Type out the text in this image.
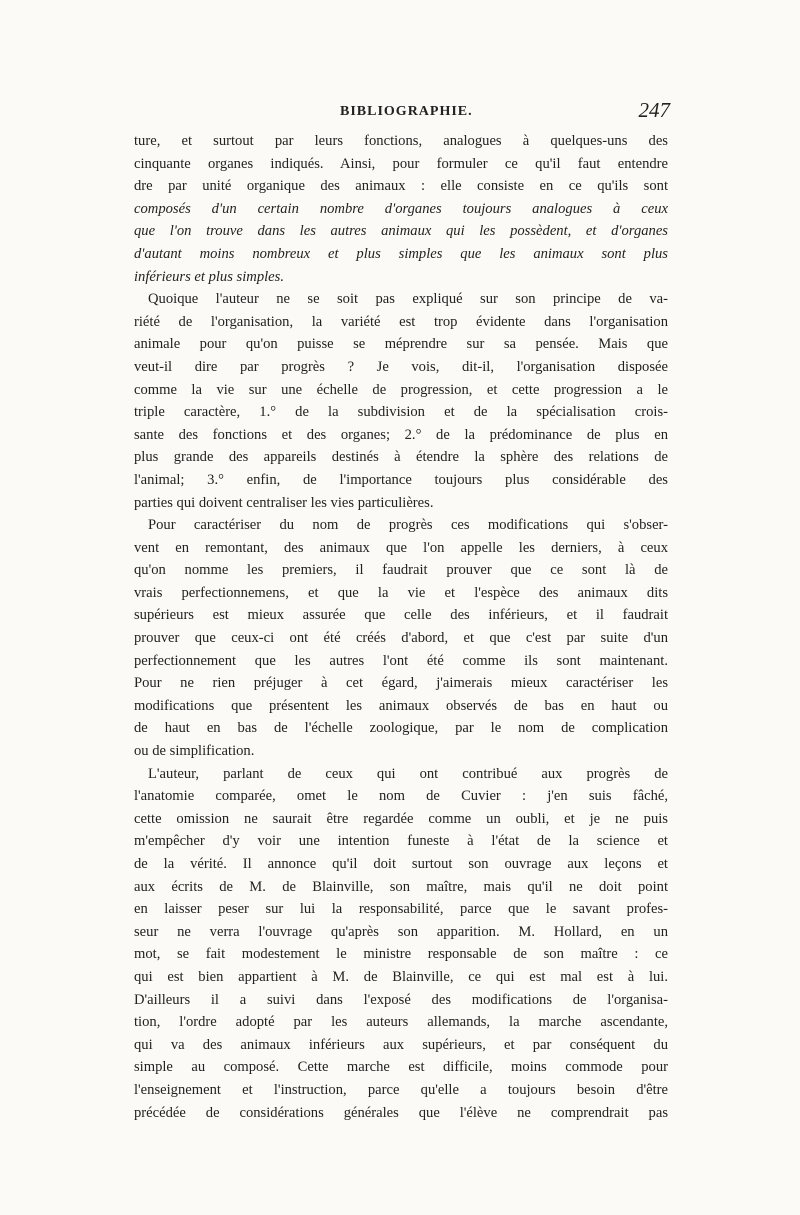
BIBLIOGRAPHIE.	247
ture, et surtout par leurs fonctions, analogues à quelques-uns des
cinquante organes indiqués. Ainsi, pour formuler ce qu'il faut entendre
dre par unité organique des animaux : elle consiste en ce qu'ils sont
composés d'un certain nombre d'organes toujours analogues à ceux
que l'on trouve dans les autres animaux qui les possèdent, et d'organes
d'autant moins nombreux et plus simples que les animaux sont plus
inférieurs et plus simples.
Quoique l'auteur ne se soit pas expliqué sur son principe de va-
riété de l'organisation, la variété est trop évidente dans l'organisation
animale pour qu'on puisse se méprendre sur sa pensée. Mais que
veut-il dire par progrès ? Je vois, dit-il, l'organisation disposée
comme la vie sur une échelle de progression, et cette progression a le
triple caractère, 1.° de la subdivision et de la spécialisation crois-
sante des fonctions et des organes; 2.° de la prédominance de plus en
plus grande des appareils destinés à étendre la sphère des relations de
l'animal; 3.° enfin, de l'importance toujours plus considérable des
parties qui doivent centraliser les vies particulières.
Pour caractériser du nom de progrès ces modifications qui s'obser-
vent en remontant, des animaux que l'on appelle les derniers, à ceux
qu'on nomme les premiers, il faudrait prouver que ce sont là de
vrais perfectionnemens, et que la vie et l'espèce des animaux dits
supérieurs est mieux assurée que celle des inférieurs, et il faudrait
prouver que ceux-ci ont été créés d'abord, et que c'est par suite d'un
perfectionnement que les autres l'ont été comme ils sont maintenant.
Pour ne rien préjuger à cet égard, j'aimerais mieux caractériser les
modifications que présentent les animaux observés de bas en haut ou
de haut en bas de l'échelle zoologique, par le nom de complication
ou de simplification.
L'auteur, parlant de ceux qui ont contribué aux progrès de
l'anatomie comparée, omet le nom de Cuvier : j'en suis fâché,
cette omission ne saurait être regardée comme un oubli, et je ne puis
m'empêcher d'y voir une intention funeste à l'état de la science et
de la vérité. Il annonce qu'il doit surtout son ouvrage aux leçons et
aux écrits de M. de Blainville, son maître, mais qu'il ne doit point
en laisser peser sur lui la responsabilité, parce que le savant profes-
seur ne verra l'ouvrage qu'après son apparition. M. Hollard, en un
mot, se fait modestement le ministre responsable de son maître : ce
qui est bien appartient à M. de Blainville, ce qui est mal est à lui.
D'ailleurs il a suivi dans l'exposé des modifications de l'organisa-
tion, l'ordre adopté par les auteurs allemands, la marche ascendante,
qui va des animaux inférieurs aux supérieurs, et par conséquent du
simple au composé. Cette marche est difficile, moins commode pour
l'enseignement et l'instruction, parce qu'elle a toujours besoin d'être
précédée de considérations générales que l'élève ne comprendrait pas
